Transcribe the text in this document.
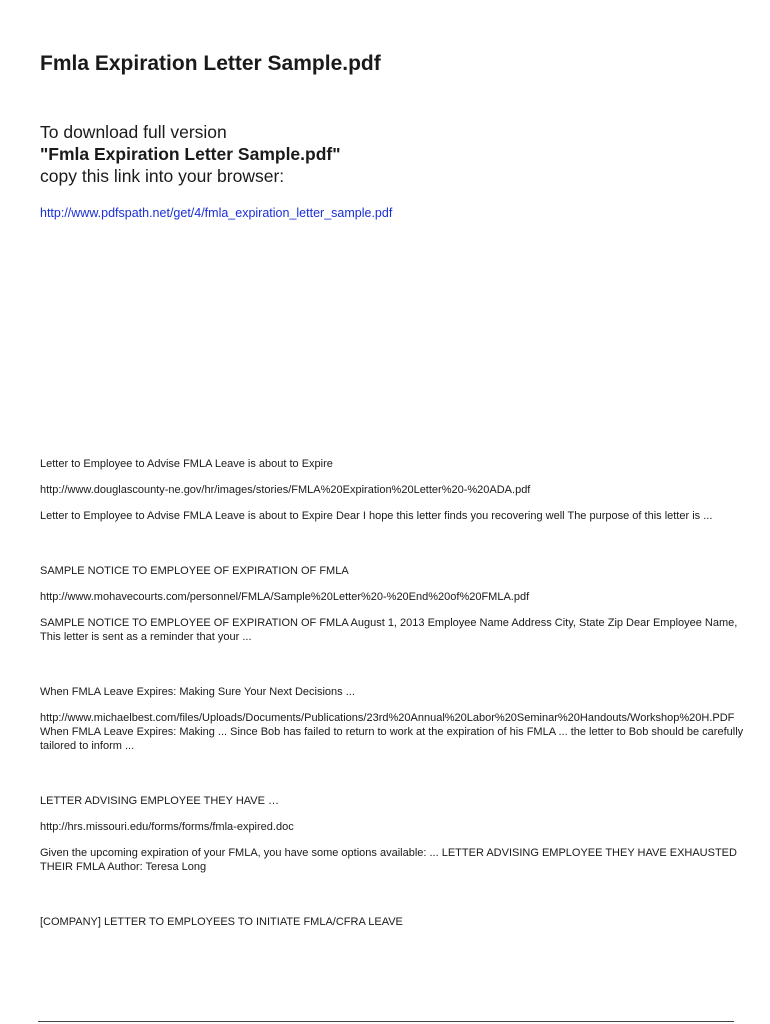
Fmla Expiration Letter Sample.pdf
To download full version
"Fmla Expiration Letter Sample.pdf"
copy this link into your browser:
http://www.pdfspath.net/get/4/fmla_expiration_letter_sample.pdf
Letter to Employee to Advise FMLA Leave is about to Expire
http://www.douglascounty-ne.gov/hr/images/stories/FMLA%20Expiration%20Letter%20-%20ADA.pdf

Letter to Employee to Advise FMLA Leave is about to Expire Dear I hope this letter finds you recovering well The purpose of this letter is ...

SAMPLE NOTICE TO EMPLOYEE OF EXPIRATION OF FMLA
http://www.mohavecourts.com/personnel/FMLA/Sample%20Letter%20-%20End%20of%20FMLA.pdf

SAMPLE NOTICE TO EMPLOYEE OF EXPIRATION OF FMLA August 1, 2013 Employee Name Address City, State Zip Dear Employee Name, This letter is sent as a reminder that your ...

When FMLA Leave Expires: Making Sure Your Next Decisions ...
http://www.michaelbest.com/files/Uploads/Documents/Publications/23rd%20Annual%20Labor%20Seminar%20Handouts/Workshop%20H.PDF

When FMLA Leave Expires: Making ... Since Bob has failed to return to work at the expiration of his FMLA ... the letter to Bob should be carefully tailored to inform ...

LETTER ADVISING EMPLOYEE THEY HAVE …
http://hrs.missouri.edu/forms/forms/fmla-expired.doc

Given the upcoming expiration of your FMLA, you have some options available: ... LETTER ADVISING EMPLOYEE THEY HAVE EXHAUSTED THEIR FMLA Author: Teresa Long

[COMPANY] LETTER TO EMPLOYEES TO INITIATE FMLA/CFRA LEAVE
